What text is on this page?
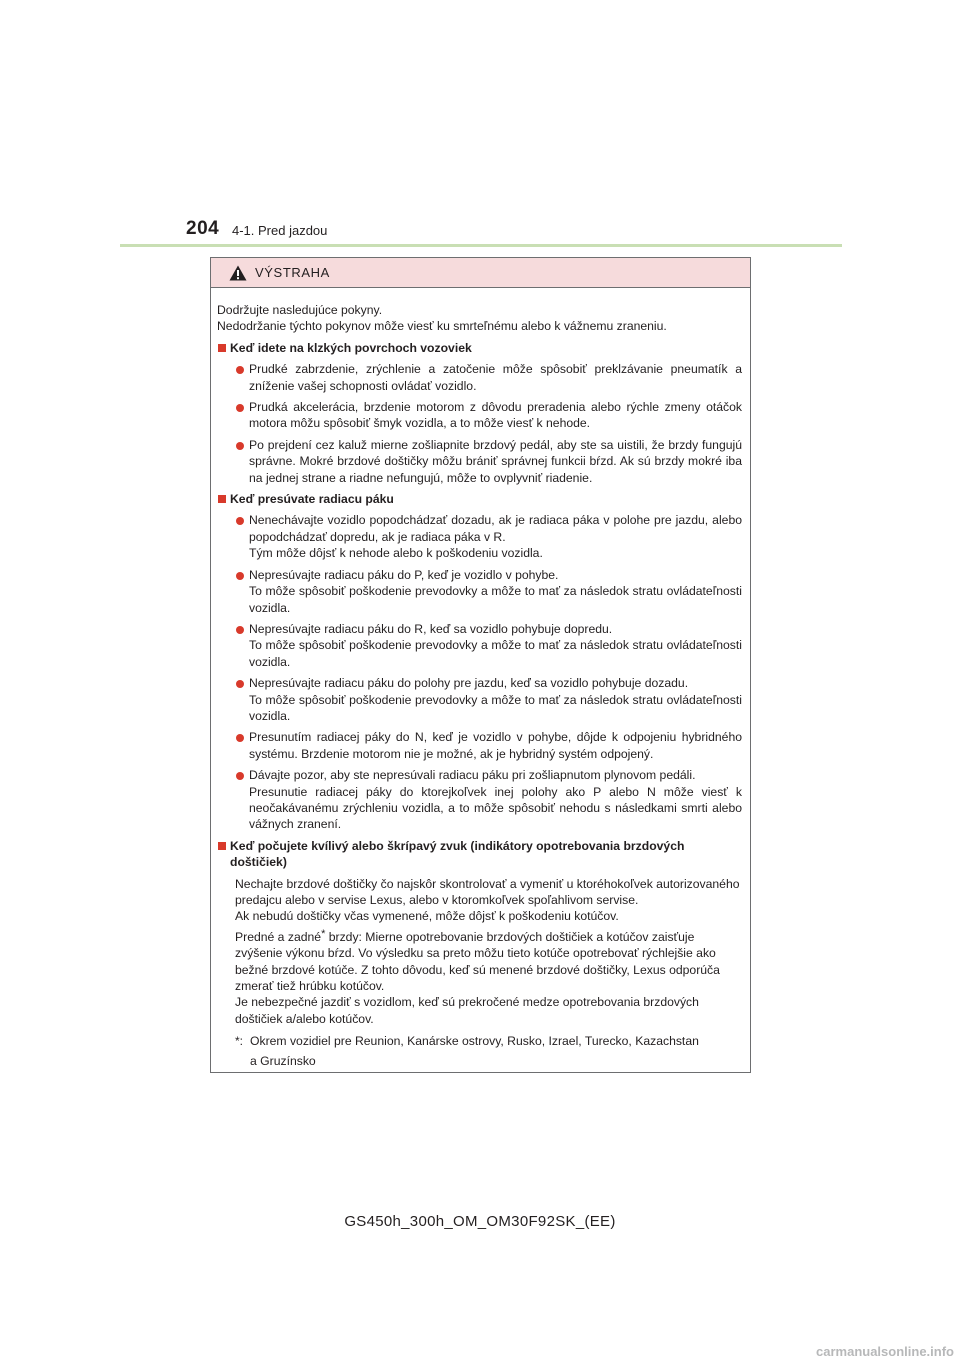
204 4-1. Pred jazdou
VÝSTRAHA

Dodržujte nasledujúce pokyny.

Nedodržanie týchto pokynov môže viesť ku smrteľnému alebo k vážnemu zraneniu.

Keď idete na klzkých povrchoch vozoviek

Prudké zabrzdenie, zrýchlenie a zatočenie môže spôsobiť preklzávanie pneumatík a zníženie vašej schopnosti ovládať vozidlo.

Prudká akcelerácia, brzdenie motorom z dôvodu preradenia alebo rýchle zmeny otáčok motora môžu spôsobiť šmyk vozidla, a to môže viesť k nehode.

Po prejdení cez kaluž mierne zošliapnite brzdový pedál, aby ste sa uistili, že brzdy fungujú správne. Mokré brzdové doštičky môžu brániť správnej funkcii bŕzd. Ak sú brzdy mokré iba na jednej strane a riadne nefungujú, môže to ovplyvniť riadenie.

Keď presúvate radiacu páku

Nenechávajte vozidlo popodchádzať dozadu, ak je radiaca páka v polohe pre jazdu, alebo popodchádzať dopredu, ak je radiaca páka v R.

Tým môže dôjsť k nehode alebo k poškodeniu vozidla.

Nepresúvajte radiacu páku do P, keď je vozidlo v pohybe.

To môže spôsobiť poškodenie prevodovky a môže to mať za následok stratu ovládateľnosti vozidla.

Nepresúvajte radiacu páku do R, keď sa vozidlo pohybuje dopredu.

To môže spôsobiť poškodenie prevodovky a môže to mať za následok stratu ovládateľnosti vozidla.

Nepresúvajte radiacu páku do polohy pre jazdu, keď sa vozidlo pohybuje dozadu.

To môže spôsobiť poškodenie prevodovky a môže to mať za následok stratu ovládateľnosti vozidla.

Presunutím radiacej páky do N, keď je vozidlo v pohybe, dôjde k odpojeniu hybridného systému. Brzdenie motorom nie je možné, ak je hybridný systém odpojený.

Dávajte pozor, aby ste nepresúvali radiacu páku pri zošliapnutom plynovom pedáli.

Presunutie radiacej páky do ktorejkoľvek inej polohy ako P alebo N môže viesť k neočakávanému zrýchleniu vozidla, a to môže spôsobiť nehodu s následkami smrti alebo vážnych zranení.

Keď počujete kvílivý alebo škrípavý zvuk (indikátory opotrebovania brzdových doštičiek)

Nechajte brzdové doštičky čo najskôr skontrolovať a vymeniť u ktoréhokoľvek autorizovaného predajcu alebo v servise Lexus, alebo v ktoromkoľvek spoľahlivom servise.

Ak nebudú doštičky včas vymenené, môže dôjsť k poškodeniu kotúčov.

Predné a zadné* brzdy: Mierne opotrebovanie brzdových doštičiek a kotúčov zaisťuje zvýšenie výkonu bŕzd. Vo výsledku sa preto môžu tieto kotúče opotrebovať rýchlejšie ako bežné brzdové kotúče. Z tohto dôvodu, keď sú menené brzdové doštičky, Lexus odporúča zmerať tiež hrúbku kotúčov.

Je nebezpečné jazdiť s vozidlom, keď sú prekročené medze opotrebovania brzdových doštičiek a/alebo kotúčov.

*: Okrem vozidiel pre Reunion, Kanárske ostrovy, Rusko, Izrael, Turecko, Kazachstan
a Gruzínsko
GS450h_300h_OM_OM30F92SK_(EE)
carmanualsonline.info
